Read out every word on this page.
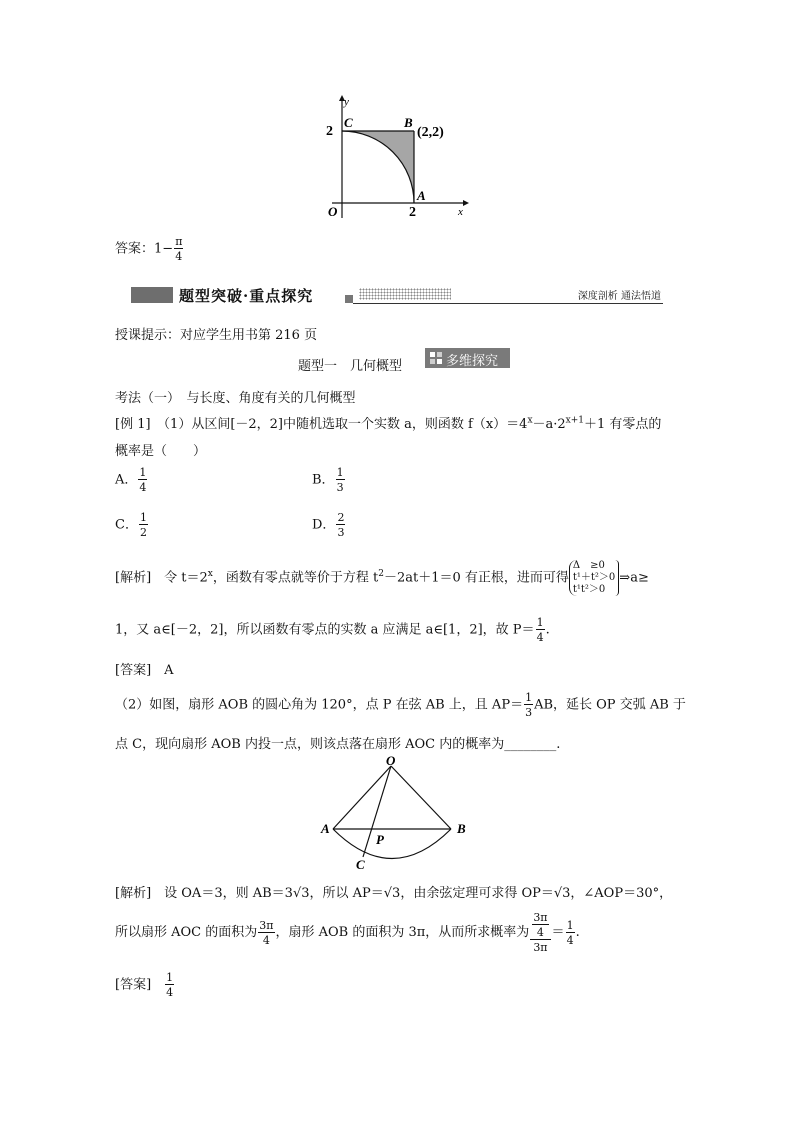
y
2
C	B
(2,2)
A
O	2	x
答案：$1- \frac{\pi}{4}$
题型突破·重点探究	深度剖析 通法悟道
授课提示：对应学生用书第 216 页
题型一　几何概型	多维探究
考法（一）　与长度、角度有关的几何概型
[例 1]　（1）从区间[－2，2]中随机选取一个实数 a，则函数 $f(x)=4^x-a\cdot 2^{x+1}+1$ 有零点的
概率是（　　）
A． $\frac{1}{4}$	B． $\frac{1}{3}$
C． $\frac{1}{2}$	D． $\frac{2}{3}$
[解析]　令 $t=2^x$，函数有零点就等价于方程 $t^2-2at+1=0$ 有正根，进而可得
Δ　≥0
t¹＋t²＞0
t¹t²＞0
⇒a≥
1，又 a∈[－2，2]，所以函数有零点的实数 a 应满足 a∈[1，2]，故 $P= \frac{1}{4}$ .
[答案]　 A
（2）如图，扇形 AOB 的圆心角为 120°，点 P 在弦 AB 上，且 $AP= \frac{1}{3}$ AB，延长 OP 交弧 AB 于
点 C，现向扇形 AOB 内投一点，则该点落在扇形 AOC 内的概率为________.
O
A	B
P
C
[解析]　设 OA＝3，则 AB＝3√3，所以 AP＝√3，由余弦定理可求得 OP＝√3，∠AOP＝30°，
所以扇形 AOC 的面积为 $\frac{3\pi}{4}$ ，扇形 AOB 的面积为 3π，从而所求概率为 3π
4
$3\pi = \frac{1}{4}$ .
[答案]　 $\frac{1}{4}$
